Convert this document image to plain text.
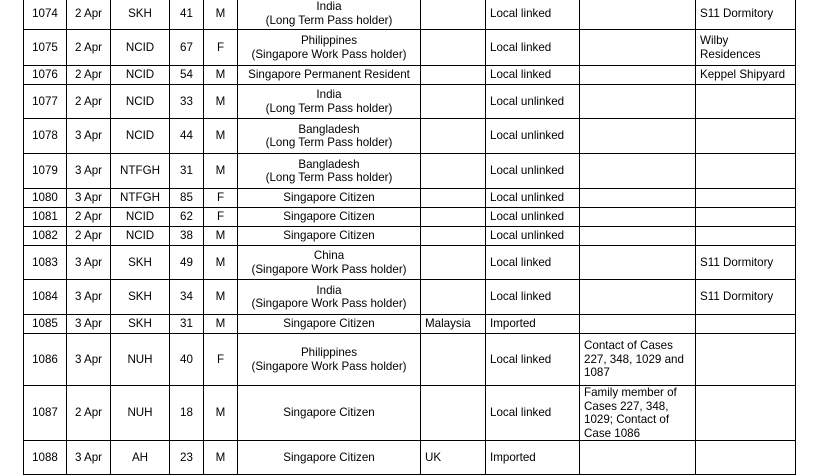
1074	2 Apr	SKH	41	M	India
(Long Term Pass holder)		Local linked		S11 Dormitory
1075	2 Apr	NCID	67	F	Philippines
(Singapore Work Pass holder)		Local linked		Wilby Residences
1076	2 Apr	NCID	54	M	Singapore Permanent Resident		Local linked		Keppel Shipyard
1077	2 Apr	NCID	33	M	India
(Long Term Pass holder)		Local unlinked		
1078	3 Apr	NCID	44	M	Bangladesh
(Long Term Pass holder)		Local unlinked		
1079	3 Apr	NTFGH	31	M	Bangladesh
(Long Term Pass holder)		Local unlinked		
1080	3 Apr	NTFGH	85	F	Singapore Citizen		Local unlinked		
1081	2 Apr	NCID	62	F	Singapore Citizen		Local unlinked		
1082	2 Apr	NCID	38	M	Singapore Citizen		Local unlinked		
1083	3 Apr	SKH	49	M	China
(Singapore Work Pass holder)		Local linked		S11 Dormitory
1084	3 Apr	SKH	34	M	India
(Singapore Work Pass holder)		Local linked		S11 Dormitory
1085	3 Apr	SKH	31	M	Singapore Citizen	Malaysia	Imported		
1086	3 Apr	NUH	40	F	Philippines
(Singapore Work Pass holder)		Local linked	Contact of Cases 227, 348, 1029 and 1087	
1087	2 Apr	NUH	18	M	Singapore Citizen		Local linked	Family member of Cases 227, 348, 1029; Contact of Case 1086	
1088	3 Apr	AH	23	M	Singapore Citizen	UK	Imported		
